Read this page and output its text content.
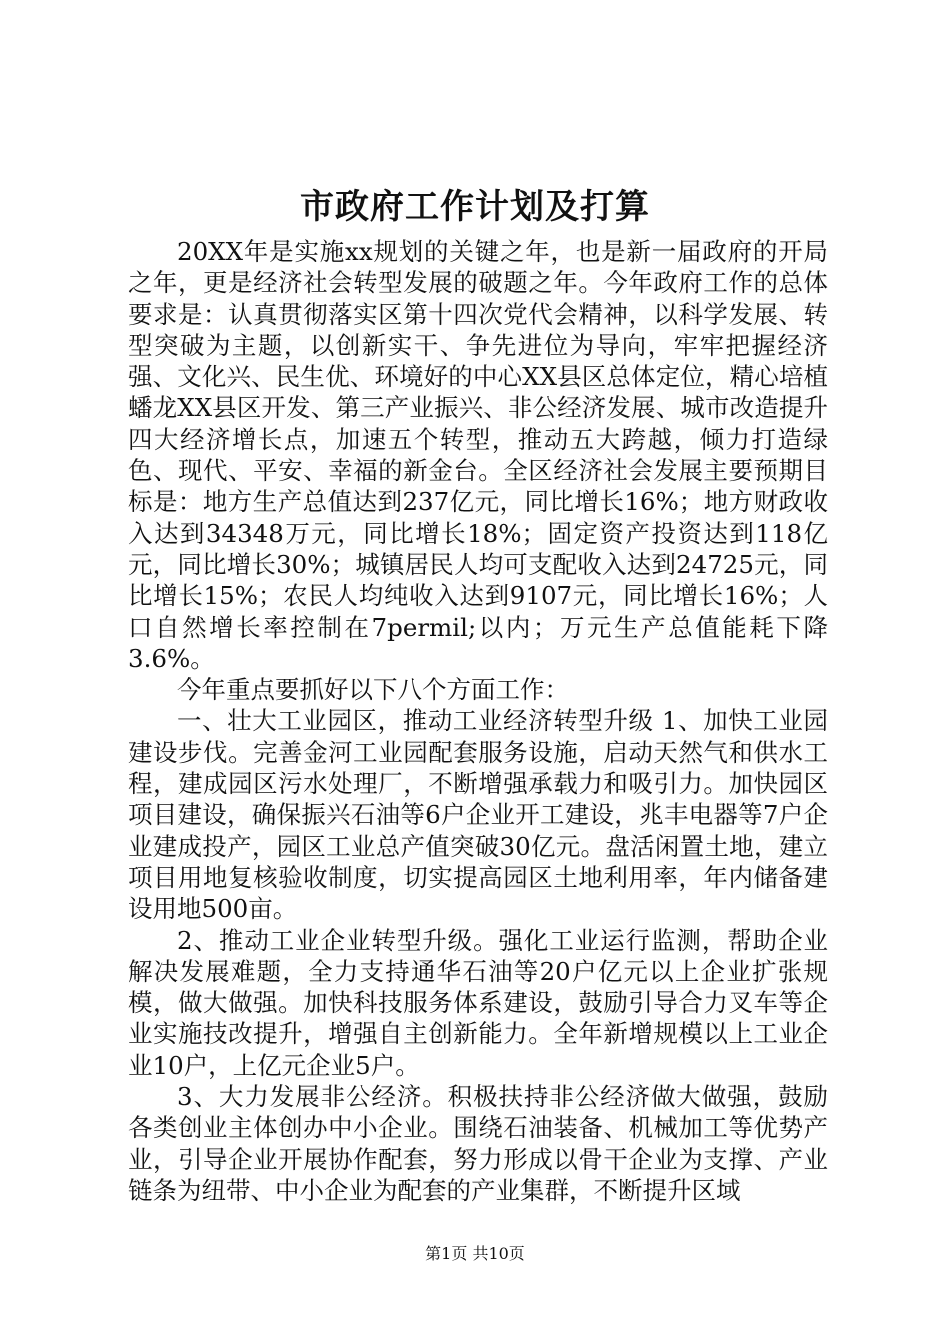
市政府工作计划及打算

20XX年是实施xx规划的关键之年，也是新一届政府的开局之年，更是经济社会转型发展的破题之年。今年政府工作的总体要求是：认真贯彻落实区第十四次党代会精神，以科学发展、转型突破为主题，以创新实干、争先进位为导向，牢牢把握经济强、文化兴、民生优、环境好的中心XX县区总体定位，精心培植蟠龙XX县区开发、第三产业振兴、非公经济发展、城市改造提升四大经济增长点，加速五个转型，推动五大跨越，倾力打造绿色、现代、平安、幸福的新金台。全区经济社会发展主要预期目标是：地方生产总值达到237亿元，同比增长16%；地方财政收入达到34348万元，同比增长18%；固定资产投资达到118亿元，同比增长30%；城镇居民人均可支配收入达到24725元，同比增长15%；农民人均纯收入达到9107元，同比增长16%；人口自然增长率控制在7permil;以内；万元生产总值能耗下降3.6%。

今年重点要抓好以下八个方面工作：

一、壮大工业园区，推动工业经济转型升级 1、加快工业园建设步伐。完善金河工业园配套服务设施，启动天然气和供水工程，建成园区污水处理厂，不断增强承载力和吸引力。加快园区项目建设，确保振兴石油等6户企业开工建设，兆丰电器等7户企业建成投产，园区工业总产值突破30亿元。盘活闲置土地，建立项目用地复核验收制度，切实提高园区土地利用率，年内储备建设用地500亩。

2、推动工业企业转型升级。强化工业运行监测，帮助企业解决发展难题，全力支持通华石油等20户亿元以上企业扩张规模，做大做强。加快科技服务体系建设，鼓励引导合力叉车等企业实施技改提升，增强自主创新能力。全年新增规模以上工业企业10户，上亿元企业5户。

3、大力发展非公经济。积极扶持非公经济做大做强，鼓励各类创业主体创办中小企业。围绕石油装备、机械加工等优势产业，引导企业开展协作配套，努力形成以骨干企业为支撑、产业链条为纽带、中小企业为配套的产业集群，不断提升区域

第1页 共10页
